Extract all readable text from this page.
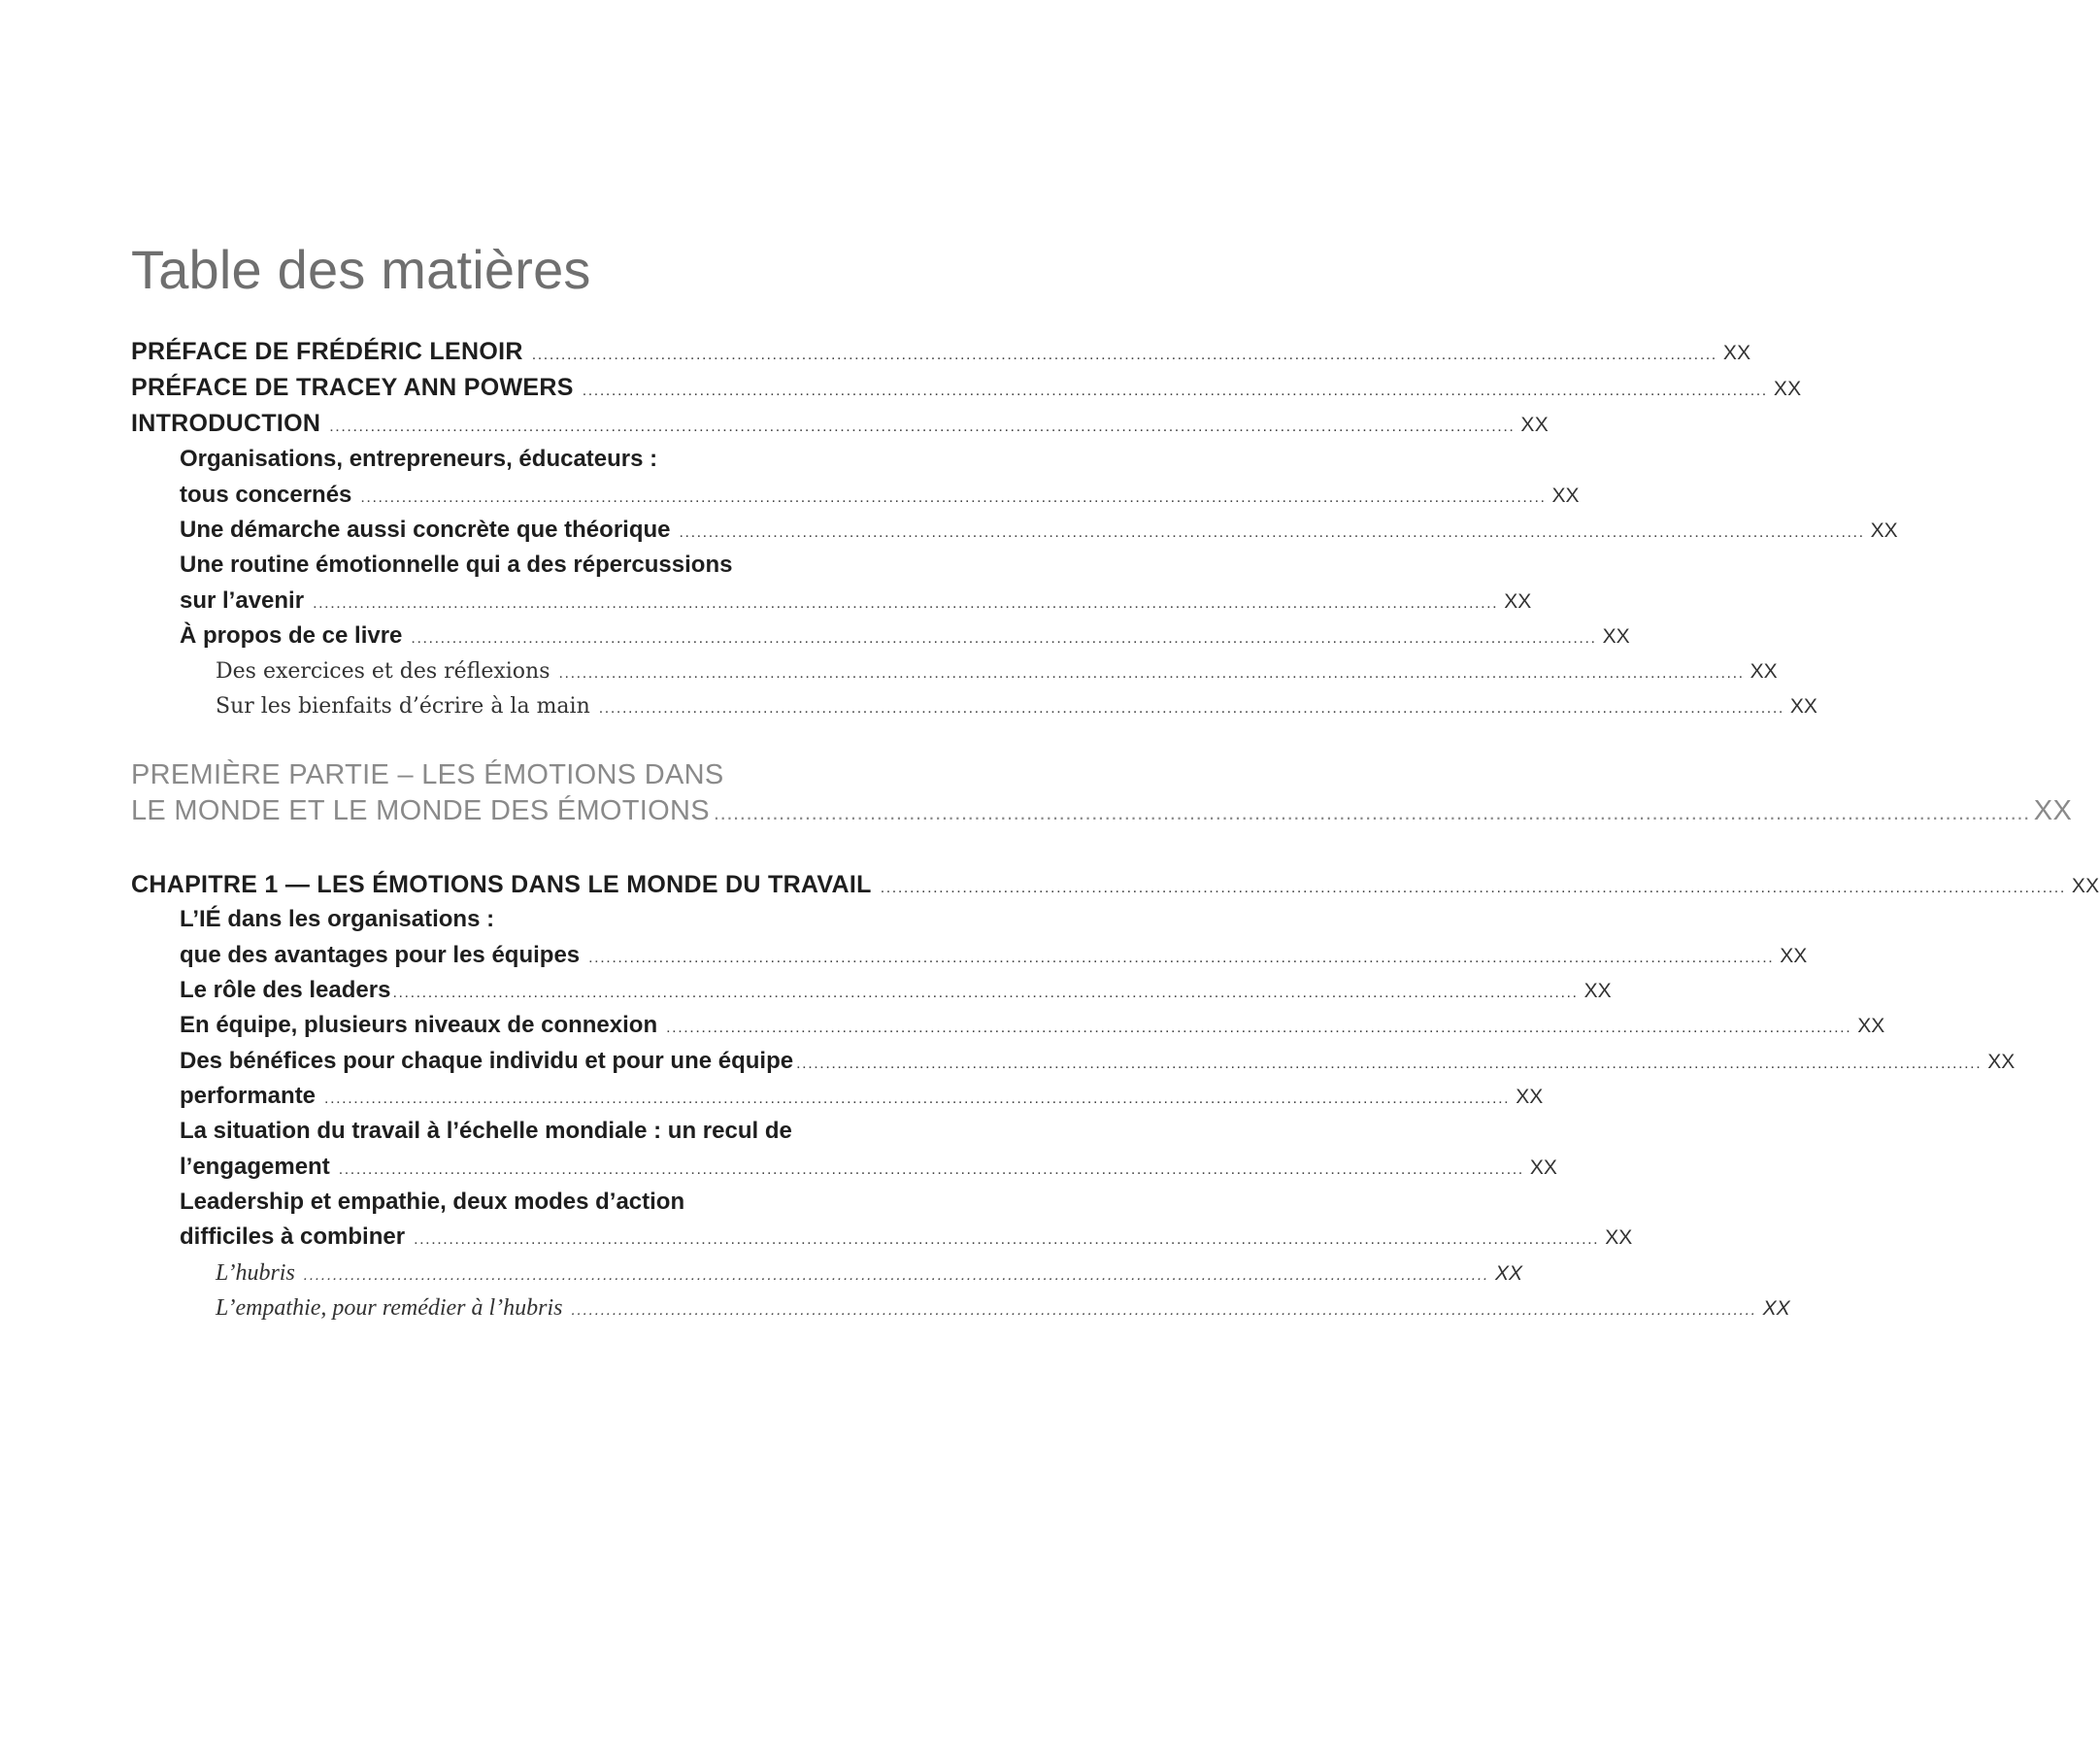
Table des matières
PRÉFACE DE FRÉDÉRIC LENOIR .......................................................................................................................................................................................................... XX
PRÉFACE DE TRACEY ANN POWERS .......................................................................................................................................................................................................... XX
INTRODUCTION .......................................................................................................................................................................................................... XX
Organisations, entrepreneurs, éducateurs :
tous concernés .......................................................................................................................................................................................................... XX
Une démarche aussi concrète que théorique .......................................................................................................................................................................................................... XX
Une routine émotionnelle qui a des répercussions
sur l’avenir .......................................................................................................................................................................................................... XX
À propos de ce livre .......................................................................................................................................................................................................... XX
Des exercices et des réflexions .......................................................................................................................................................................................................... XX
Sur les bienfaits d’écrire à la main .......................................................................................................................................................................................................... XX
PREMIÈRE PARTIE – LES ÉMOTIONS DANS
LE MONDE ET LE MONDE DES ÉMOTIONS .......................................................................................................................................................................................................... XX
CHAPITRE 1 — LES ÉMOTIONS DANS LE MONDE DU TRAVAIL .......................................................................................................................................................................................................... XX
L’IÉ dans les organisations :
que des avantages pour les équipes .......................................................................................................................................................................................................... XX
Le rôle des leaders .......................................................................................................................................................................................................... XX
En équipe, plusieurs niveaux de connexion .......................................................................................................................................................................................................... XX
Des bénéfices pour chaque individu et pour une équipe .......................................................................................................................................................................................................... XX
performante .......................................................................................................................................................................................................... XX
La situation du travail à l’échelle mondiale : un recul de
l’engagement .......................................................................................................................................................................................................... XX
Leadership et empathie, deux modes d’action
difficiles à combiner .......................................................................................................................................................................................................... XX
L’hubris .......................................................................................................................................................................................................... XX
L’empathie, pour remédier à l’hubris .......................................................................................................................................................................................................... XX
